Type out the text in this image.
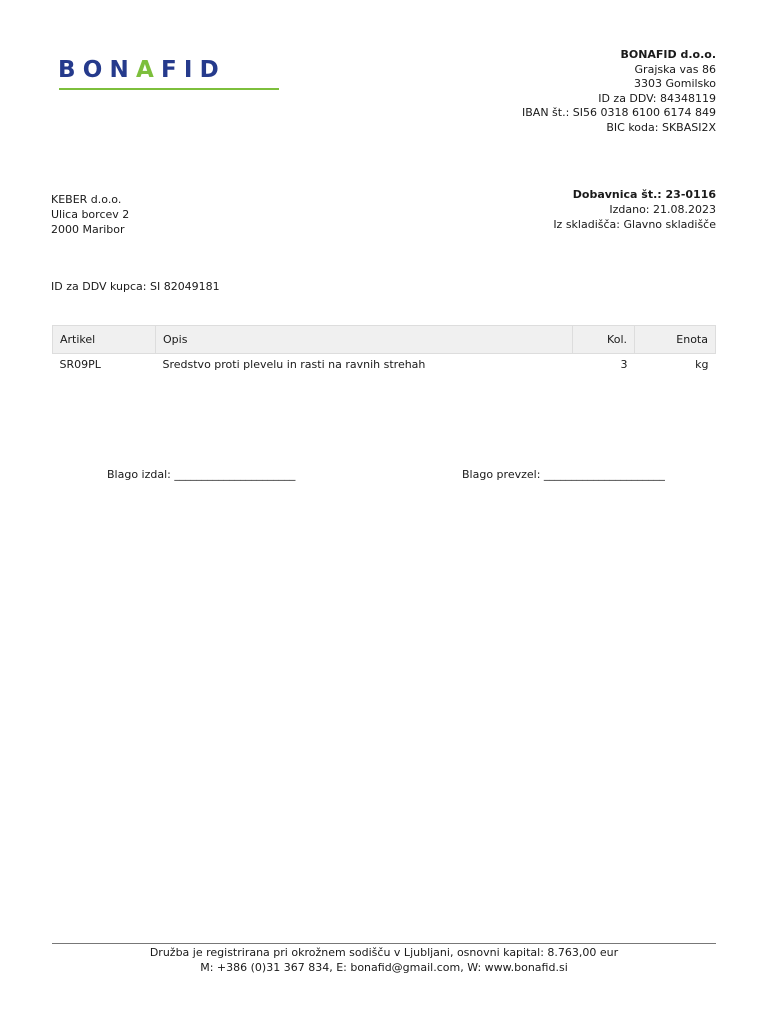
BONAFID
BONAFID d.o.o.
Grajska vas 86
3303 Gomilsko
ID za DDV: 84348119
IBAN št.: SI56 0318 6100 6174 849
BIC koda: SKBASI2X
KEBER d.o.o.
Ulica borcev 2
2000 Maribor
Dobavnica št.: 23-0116
Izdano: 21.08.2023
Iz skladišča: Glavno skladišče
ID za DDV kupca: SI 82049181
Artikel	Opis	Kol.	Enota
SR09PL	Sredstvo proti plevelu in rasti na ravnih strehah	3	kg
Blago izdal: ______________________	Blago prevzel: ______________________
Družba je registrirana pri okrožnem sodišču v Ljubljani, osnovni kapital: 8.763,00 eur
M: +386 (0)31 367 834, E: bonafid@gmail.com, W: www.bonafid.si
